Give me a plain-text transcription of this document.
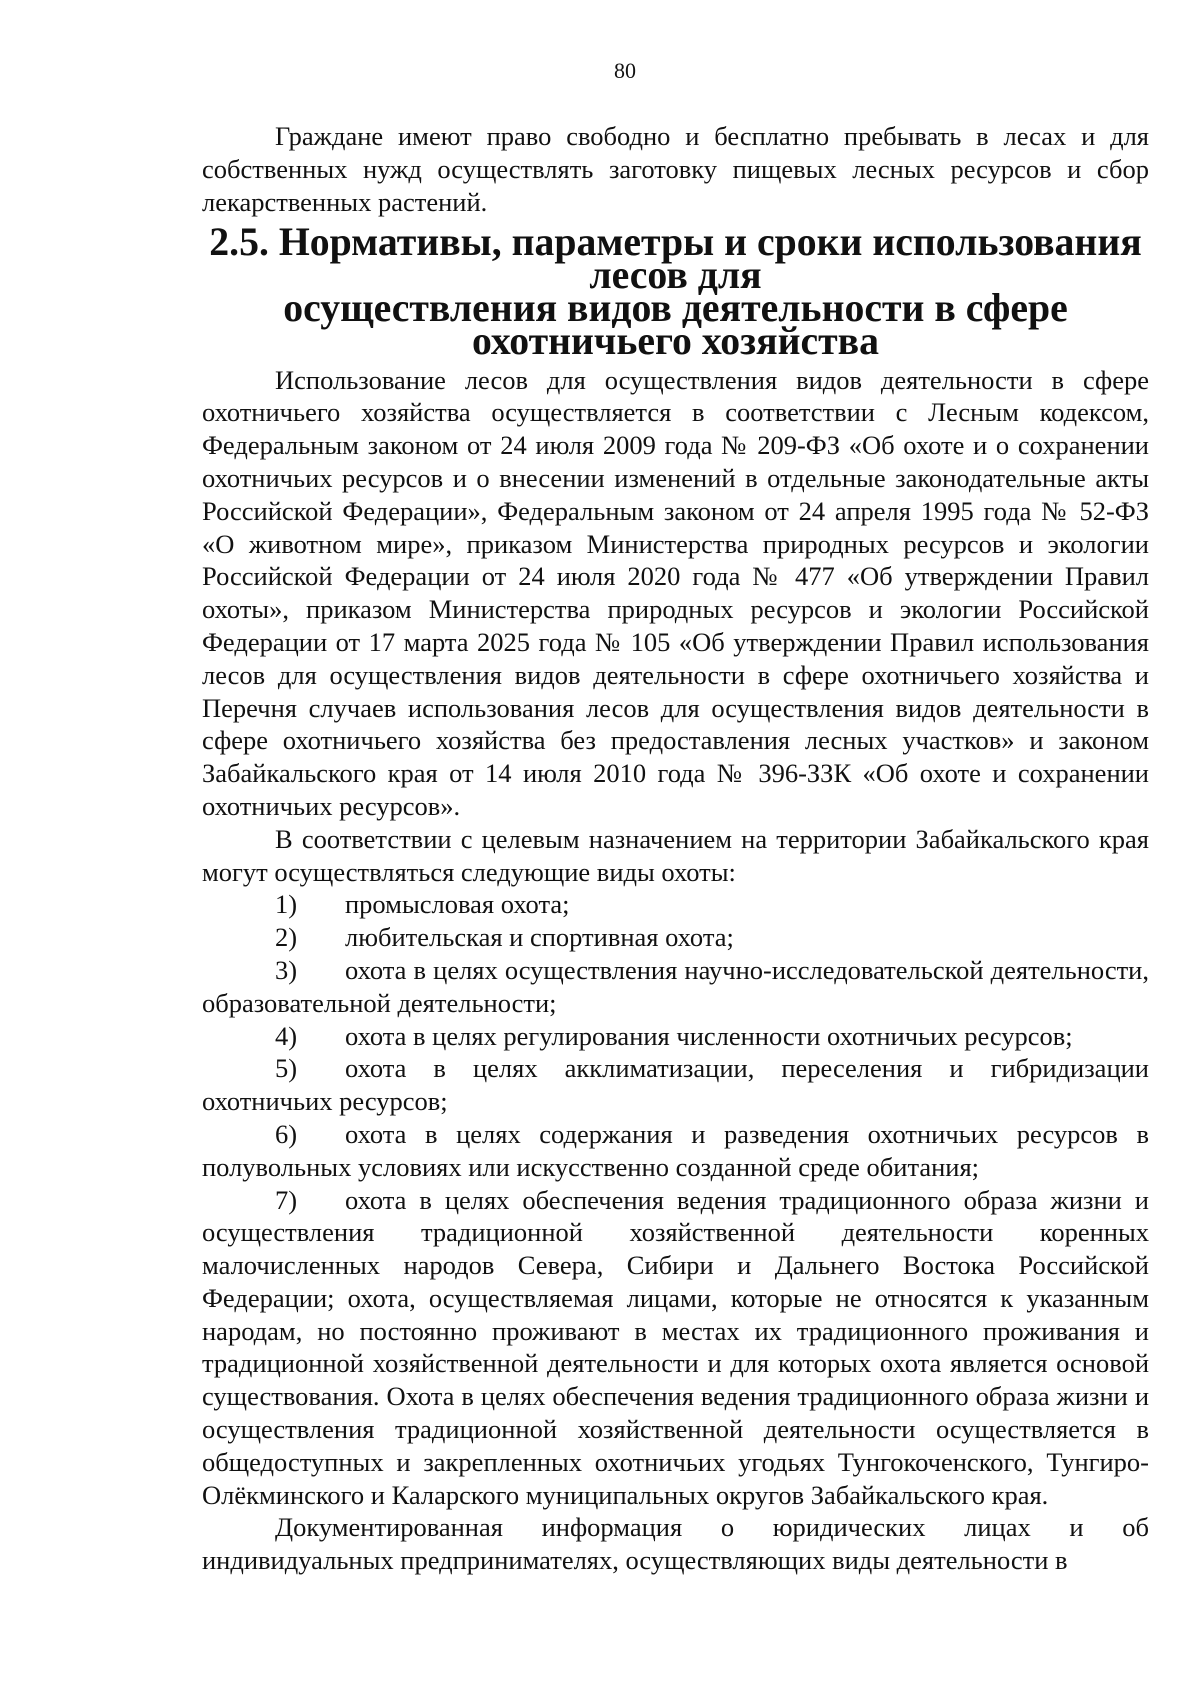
80

Граждане имеют право свободно и бесплатно пребывать в лесах и для собственных нужд осуществлять заготовку пищевых лесных ресурсов и сбор лекарственных растений.

2.5. Нормативы, параметры и сроки использования лесов для
осуществления видов деятельности в сфере охотничьего хозяйства

Использование лесов для осуществления видов деятельности в сфере охотничьего хозяйства осуществляется в соответствии с Лесным кодексом, Федеральным законом от 24 июля 2009 года № 209-ФЗ «Об охоте и о сохранении охотничьих ресурсов и о внесении изменений в отдельные законодательные акты Российской Федерации», Федеральным законом от 24 апреля 1995 года № 52-ФЗ «О животном мире», приказом Министерства природных ресурсов и экологии Российской Федерации от 24 июля 2020 года № 477 «Об утверждении Правил охоты», приказом Министерства природных ресурсов и экологии Российской Федерации от 17 марта 2025 года № 105 «Об утверждении Правил использования лесов для осуществления видов деятельности в сфере охотничьего хозяйства и Перечня случаев использования лесов для осуществления видов деятельности в сфере охотничьего хозяйства без предоставления лесных участков» и законом Забайкальского края от 14 июля 2010 года № 396-ЗЗК «Об охоте и сохранении охотничьих ресурсов».

В соответствии с целевым назначением на территории Забайкальского края могут осуществляться следующие виды охоты:

1) промысловая охота;

2) любительская и спортивная охота;

3) охота в целях осуществления научно-исследовательской деятельности, образовательной деятельности;

4) охота в целях регулирования численности охотничьих ресурсов;

5) охота в целях акклиматизации, переселения и гибридизации охотничьих ресурсов;

6) охота в целях содержания и разведения охотничьих ресурсов в полувольных условиях или искусственно созданной среде обитания;

7) охота в целях обеспечения ведения традиционного образа жизни и осуществления традиционной хозяйственной деятельности коренных малочисленных народов Севера, Сибири и Дальнего Востока Российской Федерации; охота, осуществляемая лицами, которые не относятся к указанным народам, но постоянно проживают в местах их традиционного проживания и традиционной хозяйственной деятельности и для которых охота является основой существования. Охота в целях обеспечения ведения традиционного образа жизни и осуществления традиционной хозяйственной деятельности осуществляется в общедоступных и закрепленных охотничьих угодьях Тунгокоченского, Тунгиро-Олёкминского и Каларского муниципальных округов Забайкальского края.

Документированная информация о юридических лицах и об индивидуальных предпринимателях, осуществляющих виды деятельности в
